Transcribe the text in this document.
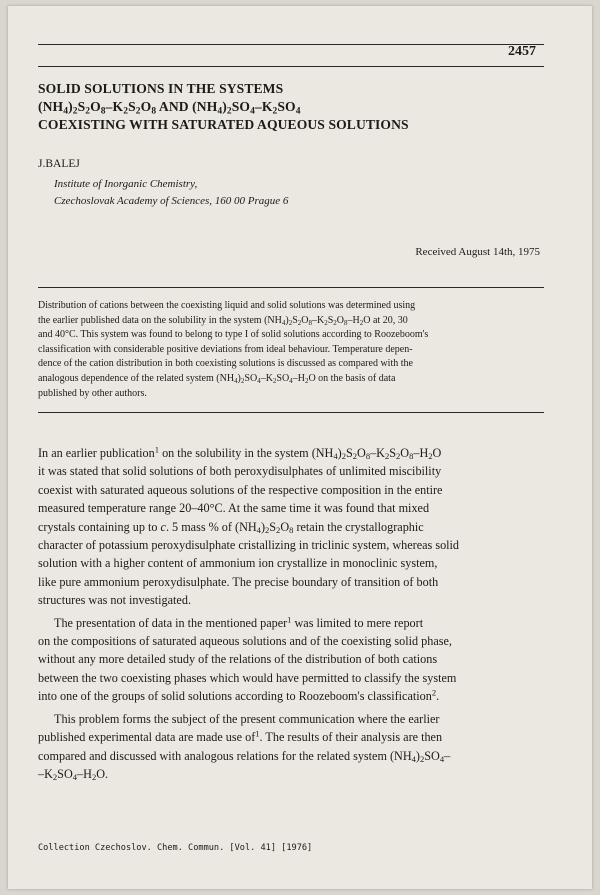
2457
SOLID SOLUTIONS IN THE SYSTEMS
$(NH_4)_2S_2O_8-K_2S_2O_8$ AND $(NH_4)_2SO_4-K_2SO_4$
COEXISTING WITH SATURATED AQUEOUS SOLUTIONS
J.BALEJ
Institute of Inorganic Chemistry,
Czechoslovak Academy of Sciences, 160 00 Prague 6
Received August 14th, 1975
Distribution of cations between the coexisting liquid and solid solutions was determined using
the earlier published data on the solubility in the system $(NH_4)_2S_2O_8-K_2S_2O_8-H_2O$ at 20, 30
and 40°C. This system was found to belong to type I of solid solutions according to Roozeboom's
classification with considerable positive deviations from ideal behaviour. Temperature depen-
dence of the cation distribution in both coexisting solutions is discussed as compared with the
analogous dependence of the related system $(NH_4)_2SO_4-K_2SO_4-H_2O$ on the basis of data
published by other authors.
In an earlier publication$^1$ on the solubility in the system $(NH_4)_2S_2O_8-K_2S_2O_8-H_2O$
it was stated that solid solutions of both peroxydisulphates of unlimited miscibility
coexist with saturated aqueous solutions of the respective composition in the entire
measured temperature range 20–40°C. At the same time it was found that mixed
crystals containing up to c. 5 mass % of $(NH_4)_2S_2O_8$ retain the crystallographic
character of potassium peroxydisulphate cristallizing in triclinic system, whereas solid
solution with a higher content of ammonium ion crystallize in monoclinic system,
like pure ammonium peroxydisulphate. The precise boundary of transition of both
structures was not investigated.
The presentation of data in the mentioned paper$^1$ was limited to mere report
on the compositions of saturated aqueous solutions and of the coexisting solid phase,
without any more detailed study of the relations of the distribution of both cations
between the two coexisting phases which would have permitted to classify the system
into one of the groups of solid solutions according to Roozeboom's classification$^2$.
This problem forms the subject of the present communication where the earlier
published experimental data are made use $of^1$. The results of their analysis are then
compared and discussed with analogous relations for the related system $(NH_4)_2SO_4-$
$-K_2SO_4-H_2O$.
Collection Czechoslov. Chem. Commun. [Vol. 41] [1976]
